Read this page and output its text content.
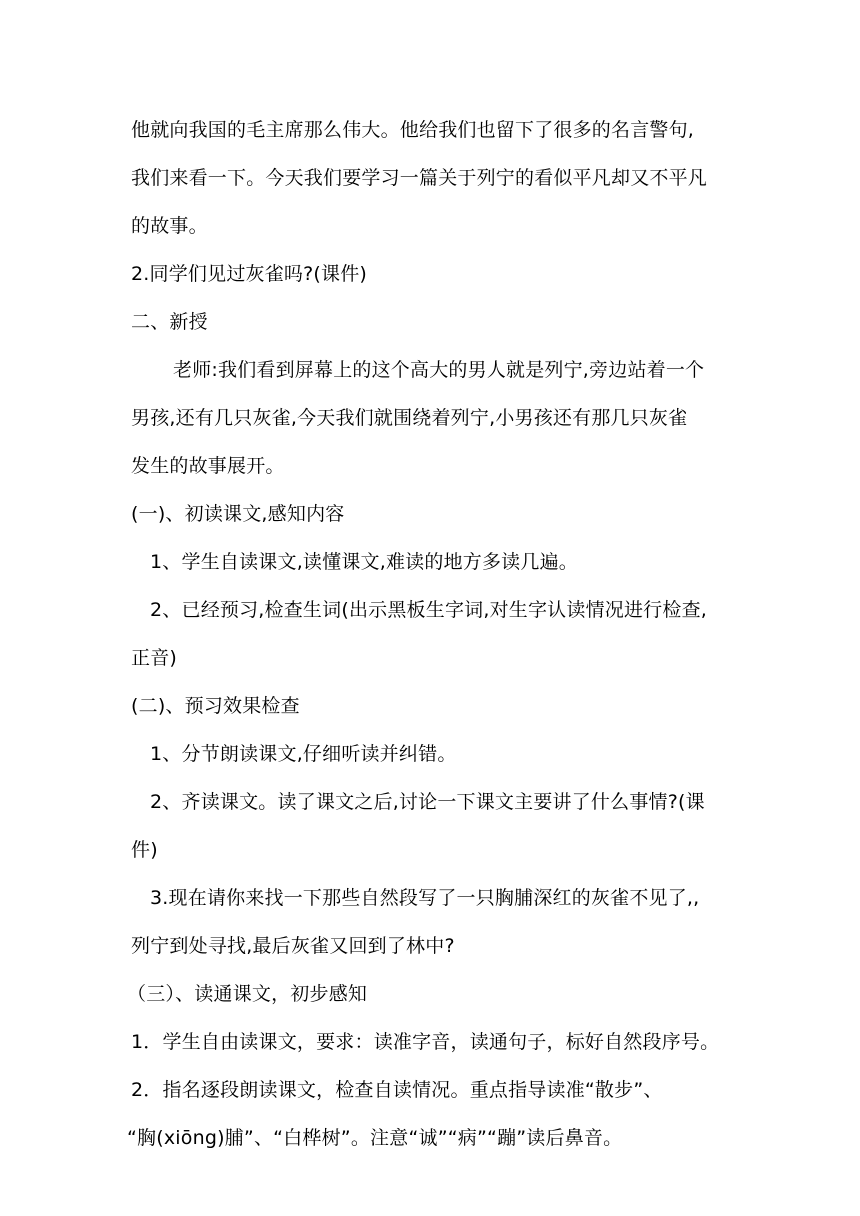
他就向我国的毛主席那么伟大。他给我们也留下了很多的名言警句,
我们来看一下。今天我们要学习一篇关于列宁的看似平凡却又不平凡
的故事。
2.同学们见过灰雀吗?(课件)
二、新授
老师:我们看到屏幕上的这个高大的男人就是列宁,旁边站着一个
男孩,还有几只灰雀,今天我们就围绕着列宁,小男孩还有那几只灰雀
发生的故事展开。
(一)、初读课文,感知内容
1、学生自读课文,读懂课文,难读的地方多读几遍。
2、已经预习,检查生词(出示黑板生字词,对生字认读情况进行检查,
正音)
(二)、预习效果检查
1、分节朗读课文,仔细听读并纠错。
2、齐读课文。读了课文之后,讨论一下课文主要讲了什么事情?(课
件)
3.现在请你来找一下那些自然段写了一只胸脯深红的灰雀不见了,,
列宁到处寻找,最后灰雀又回到了林中?
（三）、读通课文，初步感知
1．学生自由读课文，要求：读准字音，读通句子，标好自然段序号。
2．指名逐段朗读课文，检查自读情况。重点指导读准“散步”、
“胸(xiōng)脯”、“白桦树”。注意“诚”“病”“蹦”读后鼻音。
